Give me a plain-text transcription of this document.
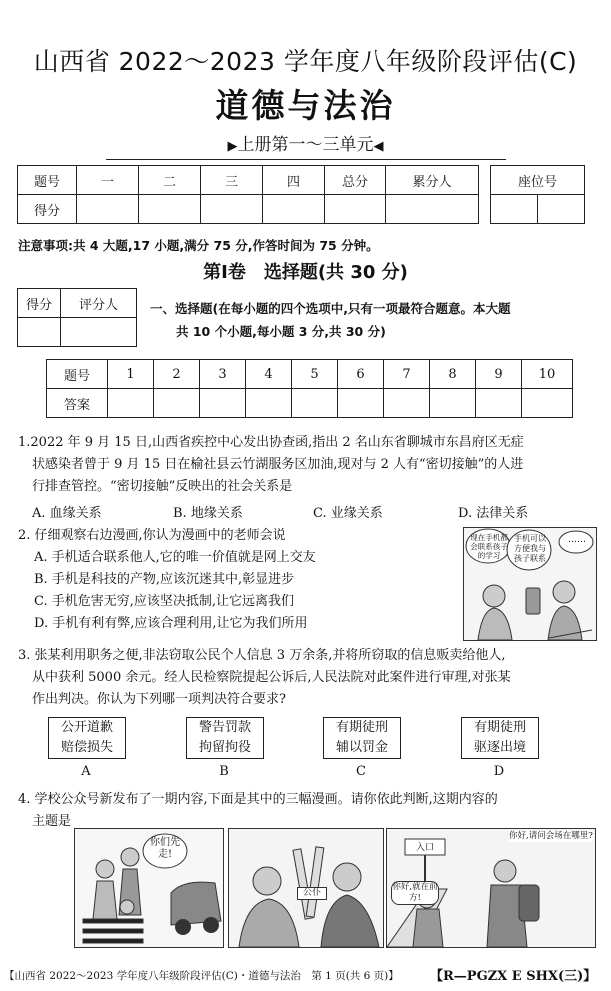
山西省 2022～2023 学年度八年级阶段评估(C)
道德与法治
▶上册第一～三单元◀
题号	一	二	三	四	总分	累分人
得分						
座位号

注意事项:共 4 大题,17 小题,满分 75 分,作答时间为 75 分钟。
第Ⅰ卷　选择题(共 30 分)
得分	评分人
		一、选择题(在每小题的四个选项中,只有一项最符合题意。本大题
共 10 个小题,每小题 3 分,共 30 分)
题号	1	2	3	4	5	6	7	8	9	10
答案										
1.2022 年 9 月 15 日,山西省疾控中心发出协查函,指出 2 名山东省聊城市东昌府区无症
状感染者曾于 9 月 15 日在榆社县云竹湖服务区加油,现对与 2 人有“密切接触”的人进
行排查管控。“密切接触”反映出的社会关系是
A. 血缘关系	B. 地缘关系	C. 业缘关系	D. 法律关系
2. 仔细观察右边漫画,你认为漫画中的老师会说
A. 手机适合联系他人,它的唯一价值就是网上交友
B. 手机是科技的产物,应该沉迷其中,彰显进步
C. 手机危害无穷,应该坚决抵制,让它远离我们
D. 手机有利有弊,应该合理利用,让它为我们所用
现在手机都会联系孩子的学习
手机可以方便我与孩子联系
……
3. 张某利用职务之便,非法窃取公民个人信息 3 万余条,并将所窃取的信息贩卖给他人,
从中获利 5000 余元。经人民检察院提起公诉后,人民法院对此案件进行审理,对张某
作出判决。你认为下列哪一项判决符合要求?
公开道歉
赔偿损失
A
警告罚款
拘留拘役
B
有期徒刑
辅以罚金
C
有期徒刑
驱逐出境
D
4. 学校公众号新发布了一期内容,下面是其中的三幅漫画。请你依此判断,这期内容的
主题是
你们先走!
公仆
入口
你好,请问会场在哪里?
你好,就在前方!
【山西省 2022～2023 学年度八年级阶段评估(C)・道德与法治　第 1 页(共 6 页)】 【R—PGZX E SHX(三)】
